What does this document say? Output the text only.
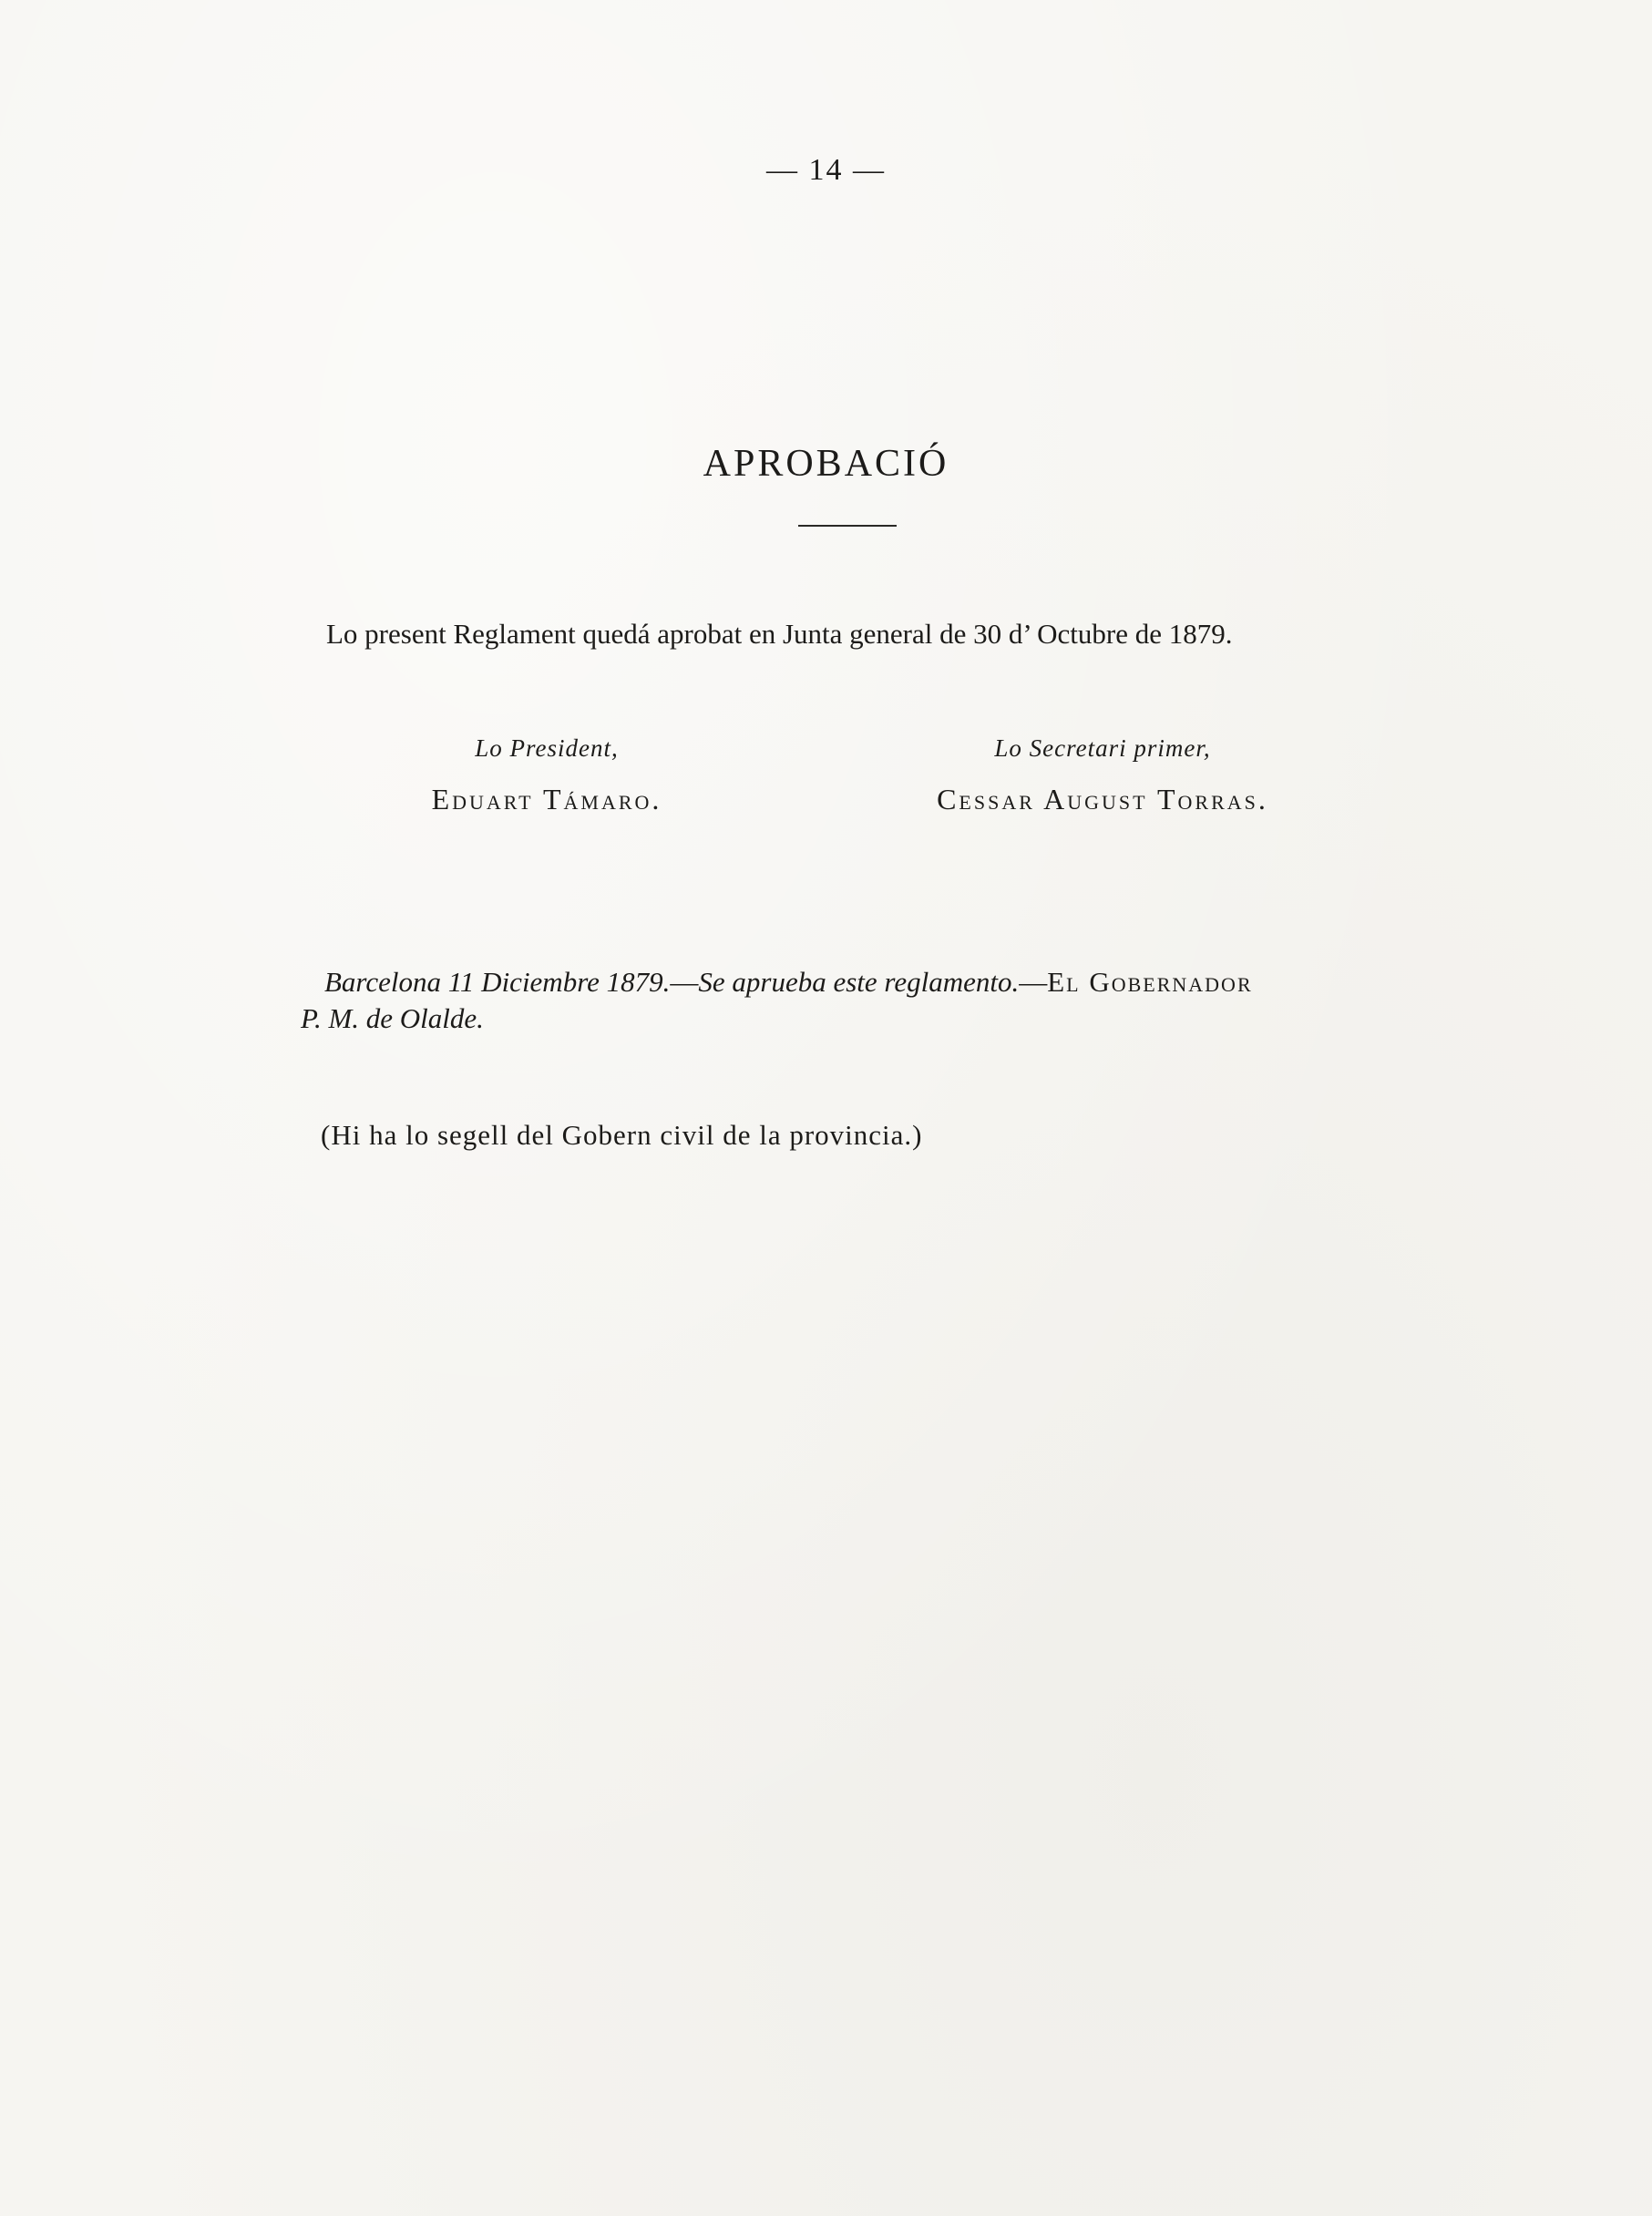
— 14 —
APROBACIÓ
Lo present Reglament quedá aprobat en Junta general de 30 d’ Octubre de 1879.
Lo President,
Eduart Támaro.
Lo Secretari primer,
Cessar August Torras.
Barcelona 11 Diciembre 1879.—Se aprueba este reglamento.—El Gobernador
P. M. de Olalde.
(Hi ha lo segell del Gobern civil de la provincia.)
